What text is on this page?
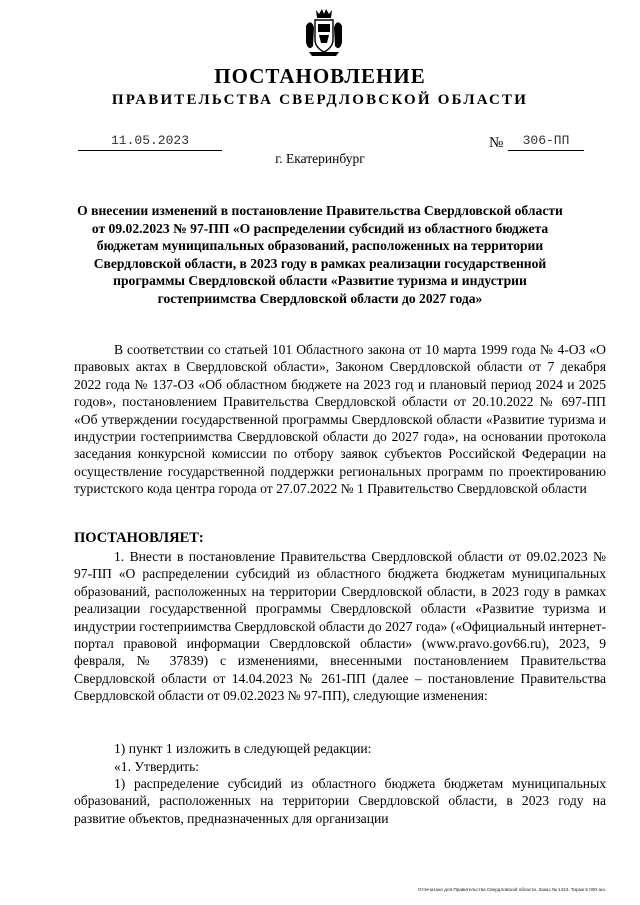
ПОСТАНОВЛЕНИЕ
ПРАВИТЕЛЬСТВА СВЕРДЛОВСКОЙ ОБЛАСТИ
11.05.2023	№	306-ПП
г. Екатеринбург
О внесении изменений в постановление Правительства Свердловской области от 09.02.2023 № 97-ПП «О распределении субсидий из областного бюджета бюджетам муниципальных образований, расположенных на территории Свердловской области, в 2023 году в рамках реализации государственной программы Свердловской области «Развитие туризма и индустрии гостеприимства Свердловской области до 2027 года»
В соответствии со статьей 101 Областного закона от 10 марта 1999 года № 4-ОЗ «О правовых актах в Свердловской области», Законом Свердловской области от 7 декабря 2022 года № 137-ОЗ «Об областном бюджете на 2023 год и плановый период 2024 и 2025 годов», постановлением Правительства Свердловской области от 20.10.2022 № 697-ПП «Об утверждении государственной программы Свердловской области «Развитие туризма и индустрии гостеприимства Свердловской области до 2027 года», на основании протокола заседания конкурсной комиссии по отбору заявок субъектов Российской Федерации на осуществление государственной поддержки региональных программ по проектированию туристского кода центра города от 27.07.2022 № 1 Правительство Свердловской области
ПОСТАНОВЛЯЕТ:
1. Внести в постановление Правительства Свердловской области от 09.02.2023 № 97-ПП «О распределении субсидий из областного бюджета бюджетам муниципальных образований, расположенных на территории Свердловской области, в 2023 году в рамках реализации государственной программы Свердловской области «Развитие туризма и индустрии гостеприимства Свердловской области до 2027 года» («Официальный интернет-портал правовой информации Свердловской области» (www.pravo.gov66.ru), 2023, 9 февраля, № 37839) с изменениями, внесенными постановлением Правительства Свердловской области от 14.04.2023 № 261-ПП (далее – постановление Правительства Свердловской области от 09.02.2023 № 97-ПП), следующие изменения:
1) пункт 1 изложить в следующей редакции:
«1. Утвердить:
1) распределение субсидий из областного бюджета бюджетам муниципальных образований, расположенных на территории Свердловской области, в 2023 году на развитие объектов, предназначенных для организации
Отпечатано для Правительства Свердловской области. Заказ № 1424. Тираж 5 000 экз.
